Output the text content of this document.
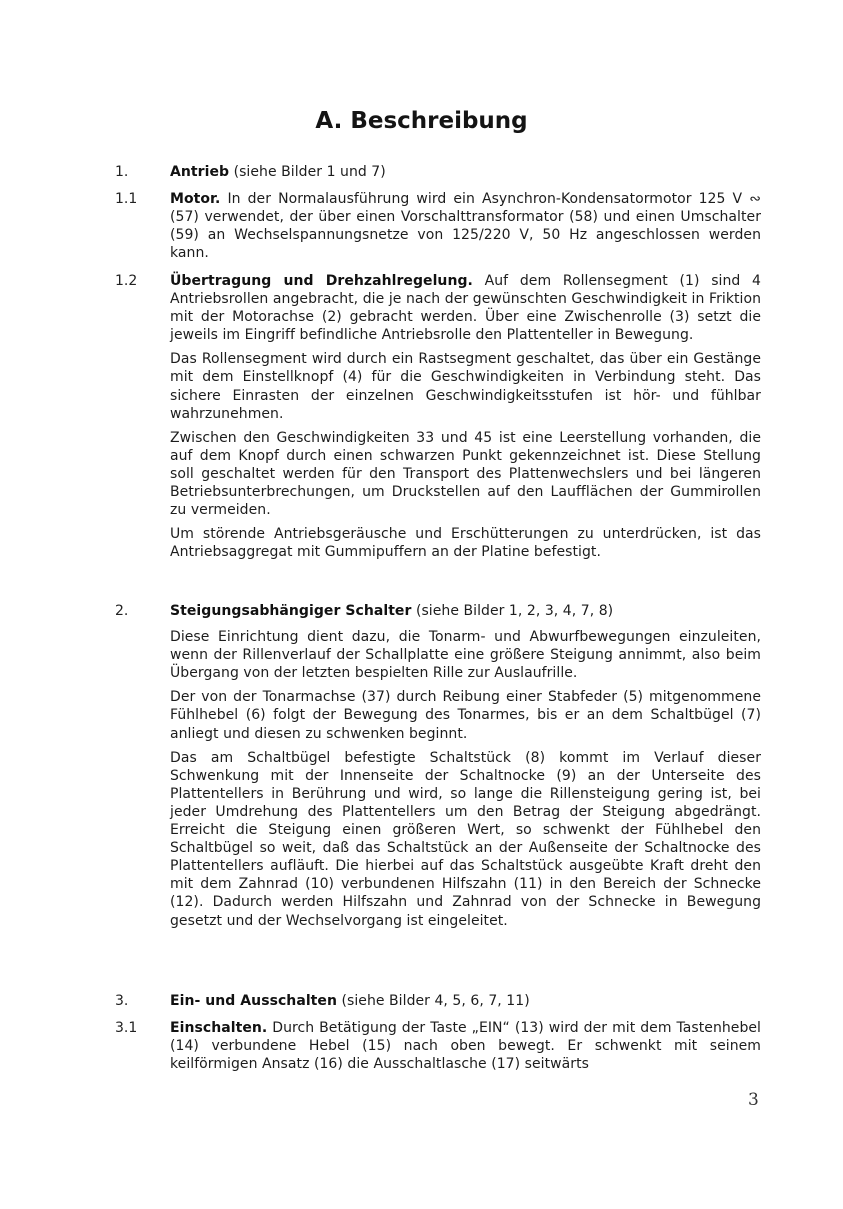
A. Beschreibung
1.	Antrieb (siehe Bilder 1 und 7)
1.1 Motor. In der Normalausführung wird ein Asynchron-Kondensatormotor 125 V ∾ (57) verwendet, der über einen Vorschalttransformator (58) und einen Umschalter (59) an Wechselspannungsnetze von 125/220 V, 50 Hz angeschlossen werden kann.

1.2 Übertragung und Drehzahlregelung. Auf dem Rollensegment (1) sind 4 Antriebsrollen angebracht, die je nach der gewünschten Geschwindigkeit in Friktion mit der Motorachse (2) gebracht werden. Über eine Zwischenrolle (3) setzt die jeweils im Eingriff befindliche Antriebsrolle den Plattenteller in Bewegung.

Das Rollensegment wird durch ein Rastsegment geschaltet, das über ein Gestänge mit dem Einstellknopf (4) für die Geschwindigkeiten in Verbindung steht. Das sichere Einrasten der einzelnen Geschwindigkeitsstufen ist hör- und fühlbar wahrzunehmen.

Zwischen den Geschwindigkeiten 33 und 45 ist eine Leerstellung vorhanden, die auf dem Knopf durch einen schwarzen Punkt gekennzeichnet ist. Diese Stellung soll geschaltet werden für den Transport des Plattenwechslers und bei längeren Betriebsunterbrechungen, um Druckstellen auf den Laufflächen der Gummirollen zu vermeiden.

Um störende Antriebsgeräusche und Erschütterungen zu unterdrücken, ist das Antriebsaggregat mit Gummipuffern an der Platine befestigt.

2.	Steigungsabhängiger Schalter (siehe Bilder 1, 2, 3, 4, 7, 8)

Diese Einrichtung dient dazu, die Tonarm- und Abwurfbewegungen einzuleiten, wenn der Rillenverlauf der Schallplatte eine größere Steigung annimmt, also beim Übergang von der letzten bespielten Rille zur Auslaufrille.

Der von der Tonarmachse (37) durch Reibung einer Stabfeder (5) mitgenommene Fühlhebel (6) folgt der Bewegung des Tonarmes, bis er an dem Schaltbügel (7) anliegt und diesen zu schwenken beginnt.

Das am Schaltbügel befestigte Schaltstück (8) kommt im Verlauf dieser Schwenkung mit der Innenseite der Schaltnocke (9) an der Unterseite des Plattentellers in Berührung und wird, so lange die Rillensteigung gering ist, bei jeder Umdrehung des Plattentellers um den Betrag der Steigung abgedrängt. Erreicht die Steigung einen größeren Wert, so schwenkt der Fühlhebel den Schaltbügel so weit, daß das Schaltstück an der Außenseite der Schaltnocke des Plattentellers aufläuft. Die hierbei auf das Schaltstück ausgeübte Kraft dreht den mit dem Zahnrad (10) verbundenen Hilfszahn (11) in den Bereich der Schnecke (12). Dadurch werden Hilfszahn und Zahnrad von der Schnecke in Bewegung gesetzt und der Wechselvorgang ist eingeleitet.

3.	Ein- und Ausschalten (siehe Bilder 4, 5, 6, 7, 11)
3.1 Einschalten. Durch Betätigung der Taste „EIN“ (13) wird der mit dem Tastenhebel (14) verbundene Hebel (15) nach oben bewegt. Er schwenkt mit seinem keilförmigen Ansatz (16) die Ausschaltlasche (17) seitwärts

3
